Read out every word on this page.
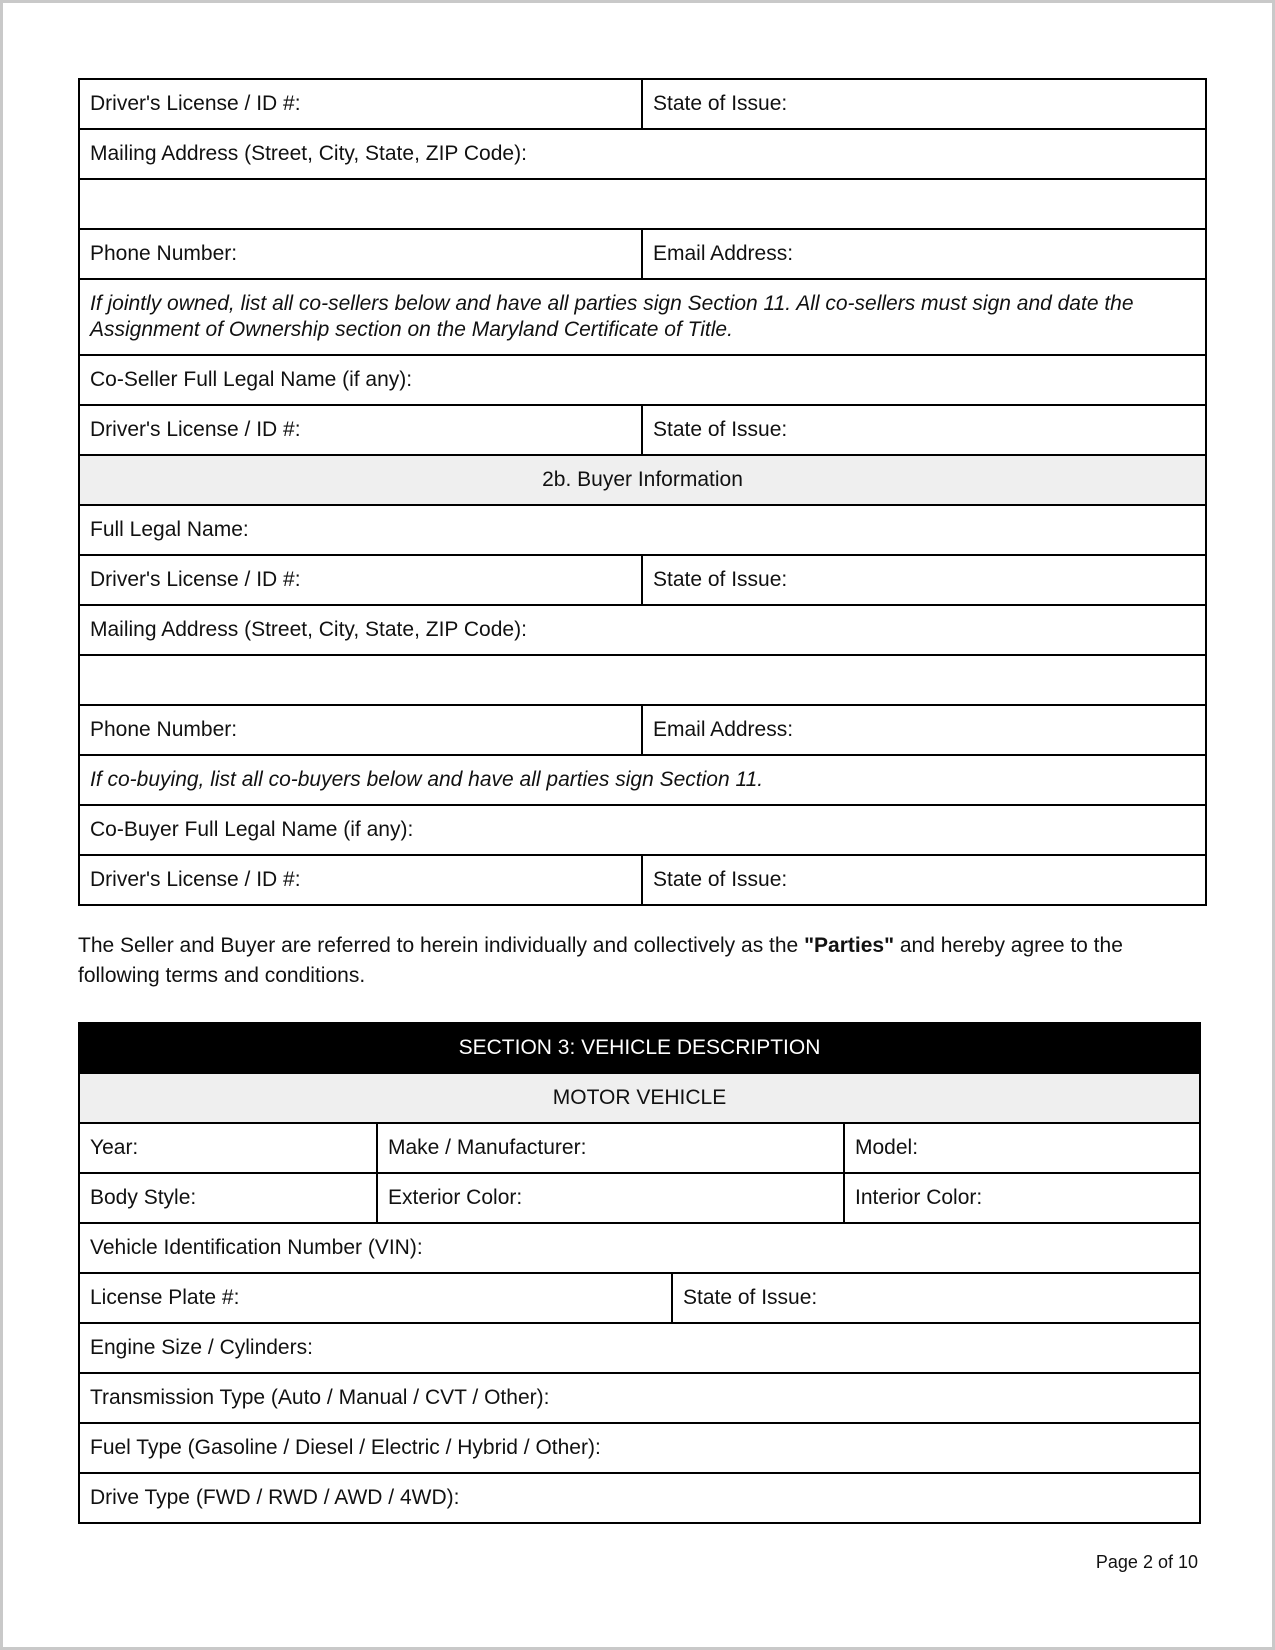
Driver's License / ID #:	State of Issue:
Mailing Address (Street, City, State, ZIP Code):	

Phone Number:	Email Address:
If jointly owned, list all co-sellers below and have all parties sign Section 11. All co-sellers must sign and date the Assignment of Ownership section on the Maryland Certificate of Title.	
Co-Seller Full Legal Name (if any):	
Driver's License / ID #:	State of Issue:
2b. Buyer Information	
Full Legal Name:	
Driver's License / ID #:	State of Issue:
Mailing Address (Street, City, State, ZIP Code):	

Phone Number:	Email Address:
If co-buying, list all co-buyers below and have all parties sign Section 11.	
Co-Buyer Full Legal Name (if any):	
Driver's License / ID #:	State of Issue:

The Seller and Buyer are referred to herein individually and collectively as the "Parties" and hereby agree to the following terms and conditions.

SECTION 3: VEHICLE DESCRIPTION			
MOTOR VEHICLE			
Year:	Make / Manufacturer:		Model:
Body Style:	Exterior Color:		Interior Color:
Vehicle Identification Number (VIN):			
License Plate #:		State of Issue:	
Engine Size / Cylinders:			
Transmission Type (Auto / Manual / CVT / Other):			
Fuel Type (Gasoline / Diesel / Electric / Hybrid / Other):			
Drive Type (FWD / RWD / AWD / 4WD):			
Page 2 of 10
